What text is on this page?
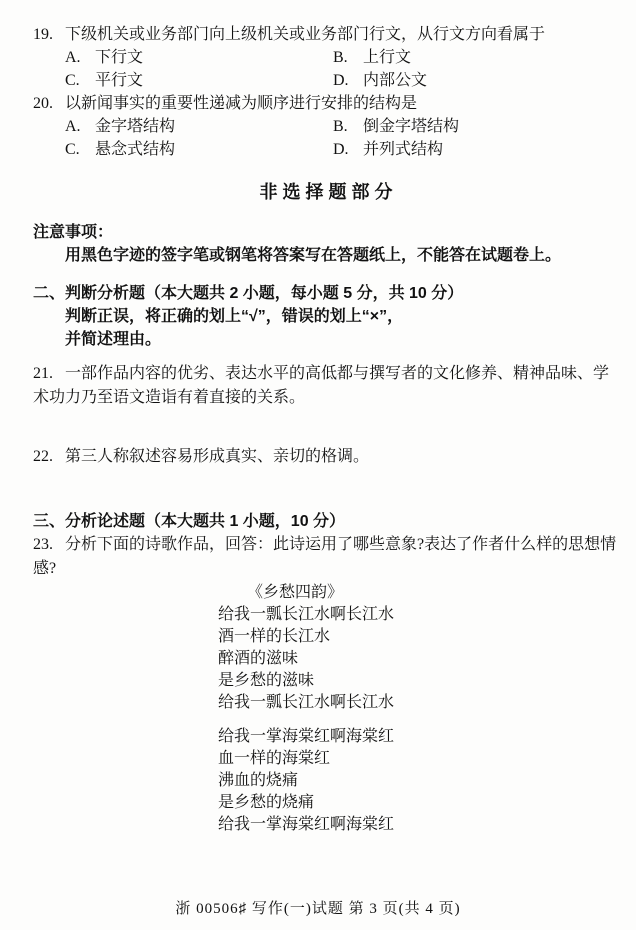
19. 下级机关或业务部门向上级机关或业务部门行文，从行文方向看属于
A. 下行文	B. 上行文
C. 平行文	D. 内部公文
20. 以新闻事实的重要性递减为顺序进行安排的结构是
A. 金字塔结构	B. 倒金字塔结构
C. 悬念式结构	D. 并列式结构
非选择题部分
注意事项：
用黑色字迹的签字笔或钢笔将答案写在答题纸上，不能答在试题卷上。
二、判断分析题（本大题共 2 小题，每小题 5 分，共 10 分）
判断正误，将正确的划上“√”，错误的划上“×”，
并简述理由。

21. 一部作品内容的优劣、表达水平的高低都与撰写者的文化修养、精神品味、学术功力乃至语文造诣有着直接的关系。

22. 第三人称叙述容易形成真实、亲切的格调。

三、分析论述题（本大题共 1 小题，10 分）

23. 分析下面的诗歌作品，回答：此诗运用了哪些意象?表达了作者什么样的思想情感?

《乡愁四韵》
给我一瓢长江水啊长江水
酒一样的长江水
醉酒的滋味
是乡愁的滋味
给我一瓢长江水啊长江水
给我一掌海棠红啊海棠红
血一样的海棠红
沸血的烧痛
是乡愁的烧痛
给我一掌海棠红啊海棠红
浙 00506♯ 写作(一)试题 第 3 页(共 4 页)
